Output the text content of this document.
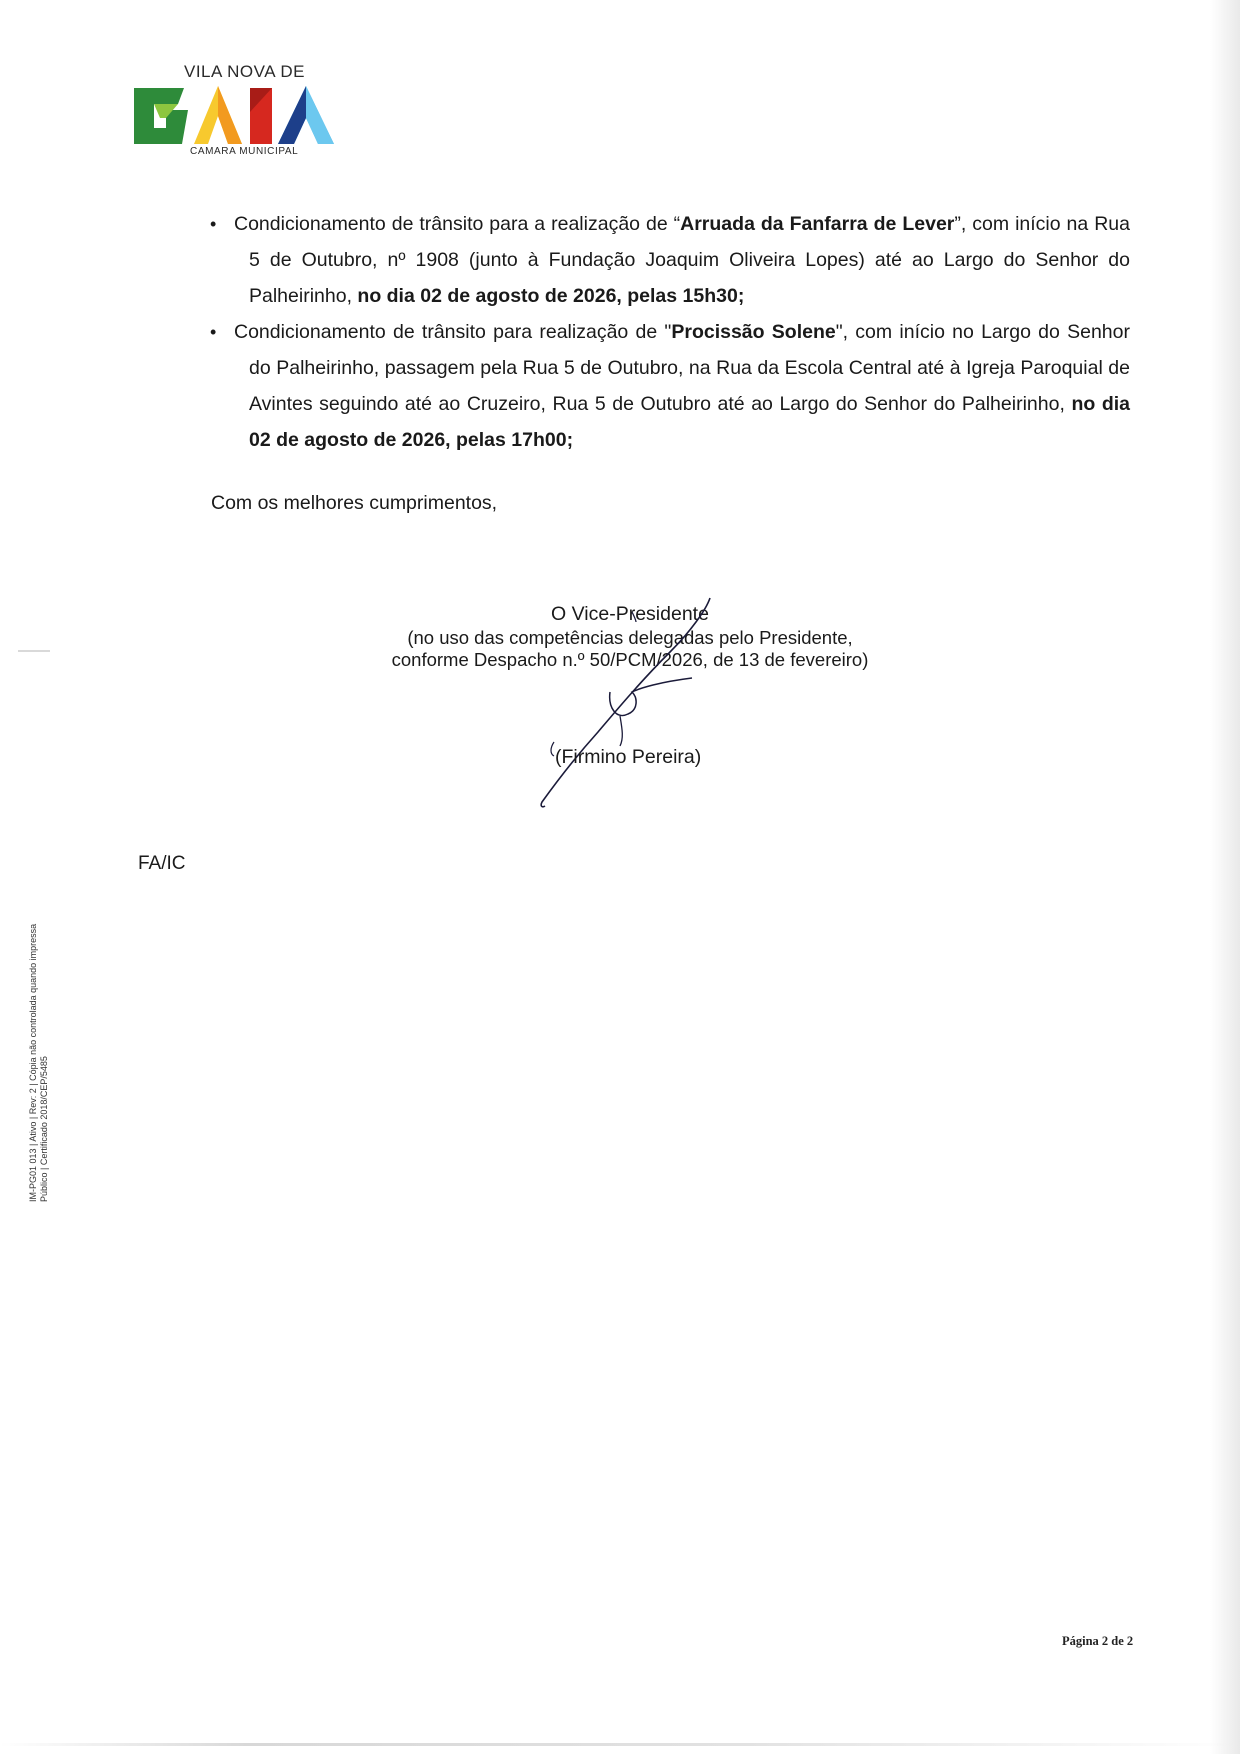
VILA NOVA DE
CAMARA MUNICIPAL
• Condicionamento de trânsito para a realização de “Arruada da Fanfarra de Lever”, com início na Rua 5 de Outubro, nº 1908 (junto à Fundação Joaquim Oliveira Lopes) até ao Largo do Senhor do Palheirinho, no dia 02 de agosto de 2026, pelas 15h30;
• Condicionamento de trânsito para realização de "Procissão Solene", com início no Largo do Senhor do Palheirinho, passagem pela Rua 5 de Outubro, na Rua da Escola Central até à Igreja Paroquial de Avintes seguindo até ao Cruzeiro, Rua 5 de Outubro até ao Largo do Senhor do Palheirinho, no dia 02 de agosto de 2026, pelas 17h00;
Com os melhores cumprimentos,
O Vice-Presidente
(no uso das competências delegadas pelo Presidente,
conforme Despacho n.º 50/PCM/2026, de 13 de fevereiro)
(Firmino Pereira)
FA/IC
IM-PG01 013 | Ativo | Rev: 2 | Cópia não controlada quando impressa Público | Certificado 2018/CEP/5485
Página 2 de 2
